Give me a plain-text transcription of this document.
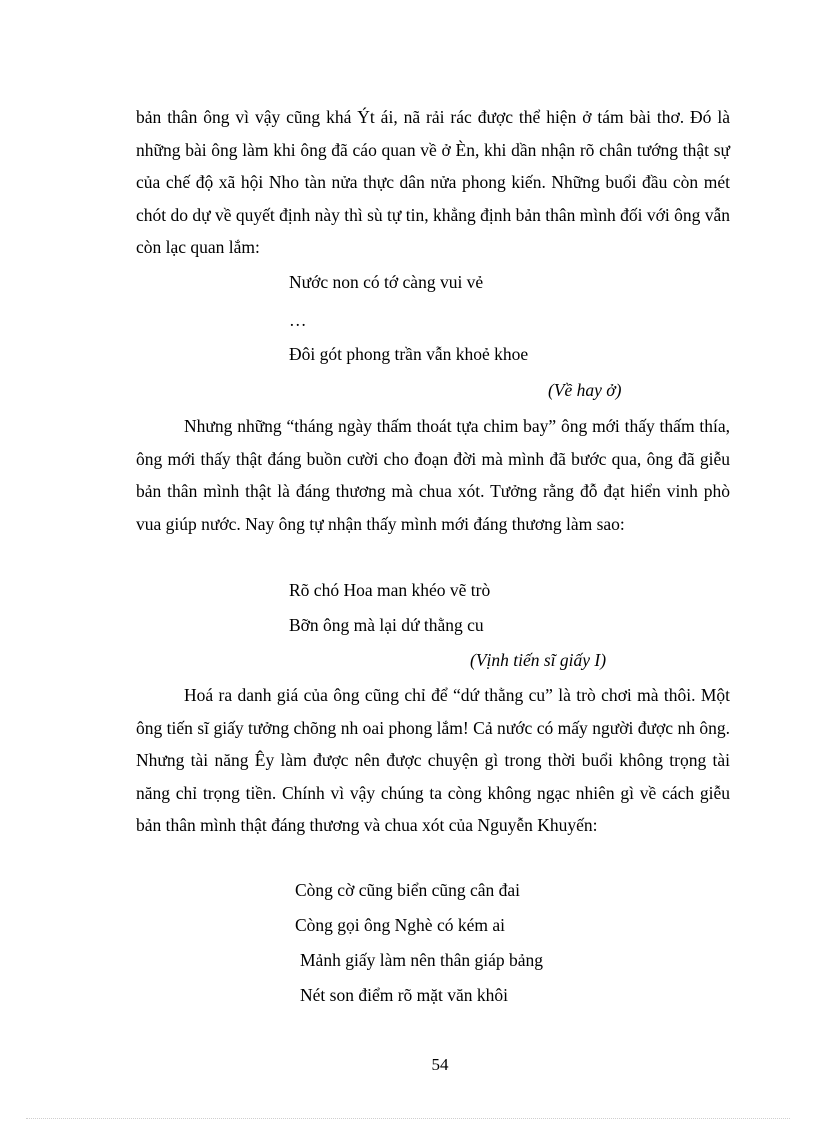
bản thân ông vì vậy cũng khá Ýt ái, nã rải rác được thể hiện ở tám bài thơ. Đó là những bài ông làm khi ông đã cáo quan về ở Èn, khi dần nhận rõ chân tướng thật sự của chế độ xã hội Nho tàn nửa thực dân nửa phong kiến. Những buổi đầu còn mét chót do dự về quyết định này thì sù tự tin, khẳng định bản thân mình đối với ông vẫn còn lạc quan lắm:

Nước non có tớ càng vui vẻ
…
Đôi gót phong trần vẫn khoẻ khoe
(Về hay ở)

Nhưng những “tháng ngày thấm thoát tựa chim bay” ông mới thấy thấm thía, ông mới thấy thật đáng buồn cười cho đoạn đời mà mình đã bước qua, ông đã giễu bản thân mình thật là đáng thương mà chua xót. Tưởng rằng đỗ đạt hiển vinh phò vua giúp nước. Nay ông tự nhận thấy mình mới đáng thương làm sao:

Rõ chó Hoa man khéo vẽ trò
Bỡn ông mà lại dứ thằng cu
(Vịnh tiến sĩ giấy I)

Hoá ra danh giá của ông cũng chỉ để “dứ thằng cu” là trò chơi mà thôi. Một ông tiến sĩ giấy tưởng chõng nh oai phong lắm! Cả nước có mấy người được nh ông. Nhưng tài năng Êy làm được nên được chuyện gì trong thời buổi không trọng tài năng chỉ trọng tiền. Chính vì vậy chúng ta còng không ngạc nhiên gì về cách giễu bản thân mình thật đáng thương và chua xót của Nguyễn Khuyến:

Còng cờ cũng biển cũng cân đai
Còng gọi ông Nghè có kém ai
Mảnh giấy làm nên thân giáp bảng
Nét son điểm rõ mặt văn khôi
54
